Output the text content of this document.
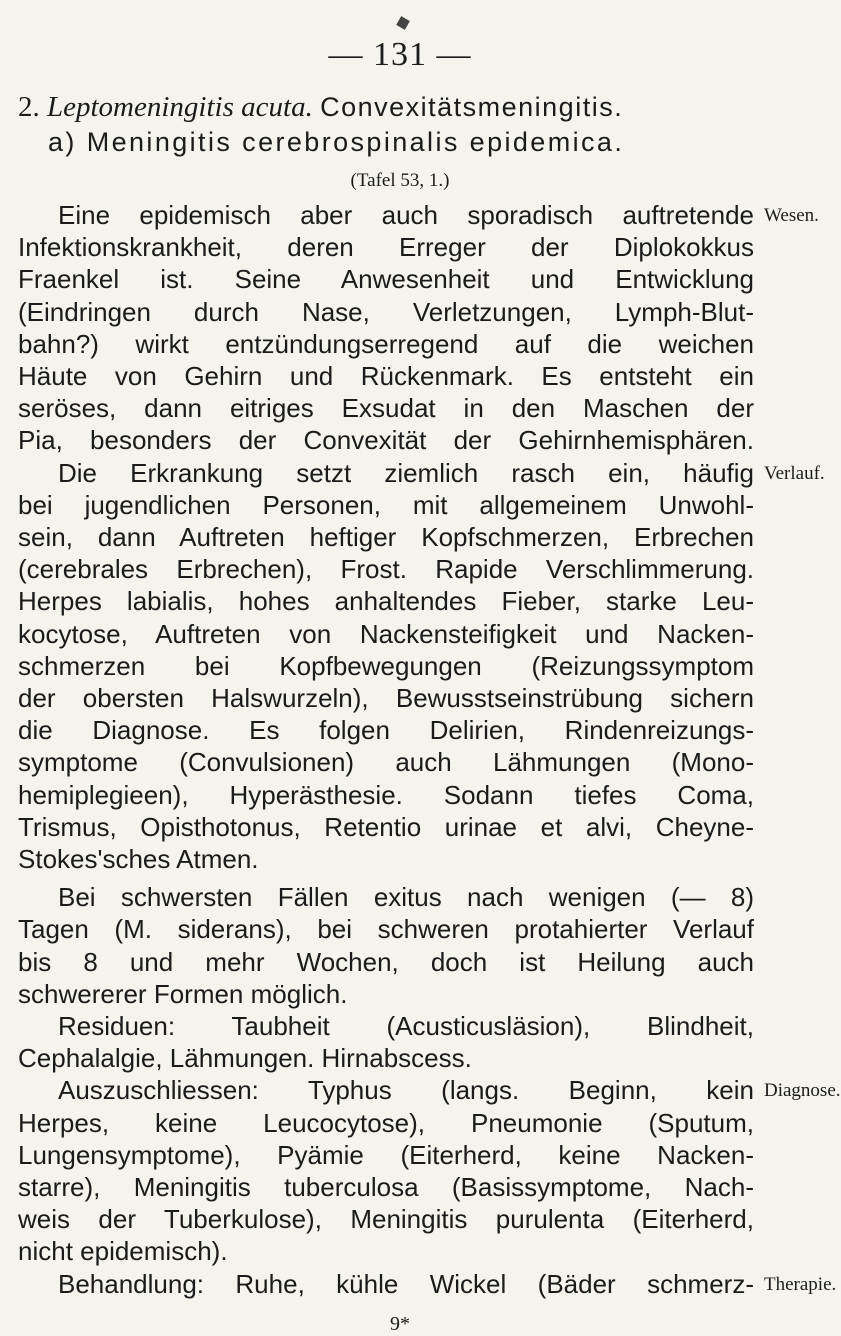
— 131 —
2. Leptomeningitis acuta. Convexitätsmeningitis.
a) Meningitis cerebrospinalis epidemica.
(Tafel 53, 1.)
Eine epidemisch aber auch sporadisch auftretende
Infektionskrankheit, deren Erreger der Diplokokkus
Fraenkel ist. Seine Anwesenheit und Entwicklung
(Eindringen durch Nase, Verletzungen, Lymph-Blut-
bahn?) wirkt entzündungserregend auf die weichen
Häute von Gehirn und Rückenmark. Es entsteht ein
seröses, dann eitriges Exsudat in den Maschen der
Pia, besonders der Convexität der Gehirnhemisphären.
Die Erkrankung setzt ziemlich rasch ein, häufig
bei jugendlichen Personen, mit allgemeinem Unwohl-
sein, dann Auftreten heftiger Kopfschmerzen, Erbrechen
(cerebrales Erbrechen), Frost. Rapide Verschlimmerung.
Herpes labialis, hohes anhaltendes Fieber, starke Leu-
kocytose, Auftreten von Nackensteifigkeit und Nacken-
schmerzen bei Kopfbewegungen (Reizungssymptom
der obersten Halswurzeln), Bewusstseinstrübung sichern
die Diagnose. Es folgen Delirien, Rindenreizungs-
symptome (Convulsionen) auch Lähmungen (Mono-
hemiplegieen), Hyperästhesie. Sodann tiefes Coma,
Trismus, Opisthotonus, Retentio urinae et alvi, Cheyne-
Stokes'sches Atmen.
Bei schwersten Fällen exitus nach wenigen (— 8)
Tagen (M. siderans), bei schweren protahierter Verlauf
bis 8 und mehr Wochen, doch ist Heilung auch
schwererer Formen möglich.
Residuen: Taubheit (Acusticusläsion), Blindheit,
Cephalalgie, Lähmungen. Hirnabscess.
Auszuschliessen: Typhus (langs. Beginn, kein
Wesen.
Verlauf.
Diagnose.
9*
Herpes, keine Leucocytose), Pneumonie (Sputum,
Lungensymptome), Pyämie (Eiterherd, keine Nacken-
starre), Meningitis tuberculosa (Basissymptome, Nach-
weis der Tuberkulose), Meningitis purulenta (Eiterherd,
nicht epidemisch).
Behandlung: Ruhe, kühle Wickel (Bäder schmerz- Therapie.
